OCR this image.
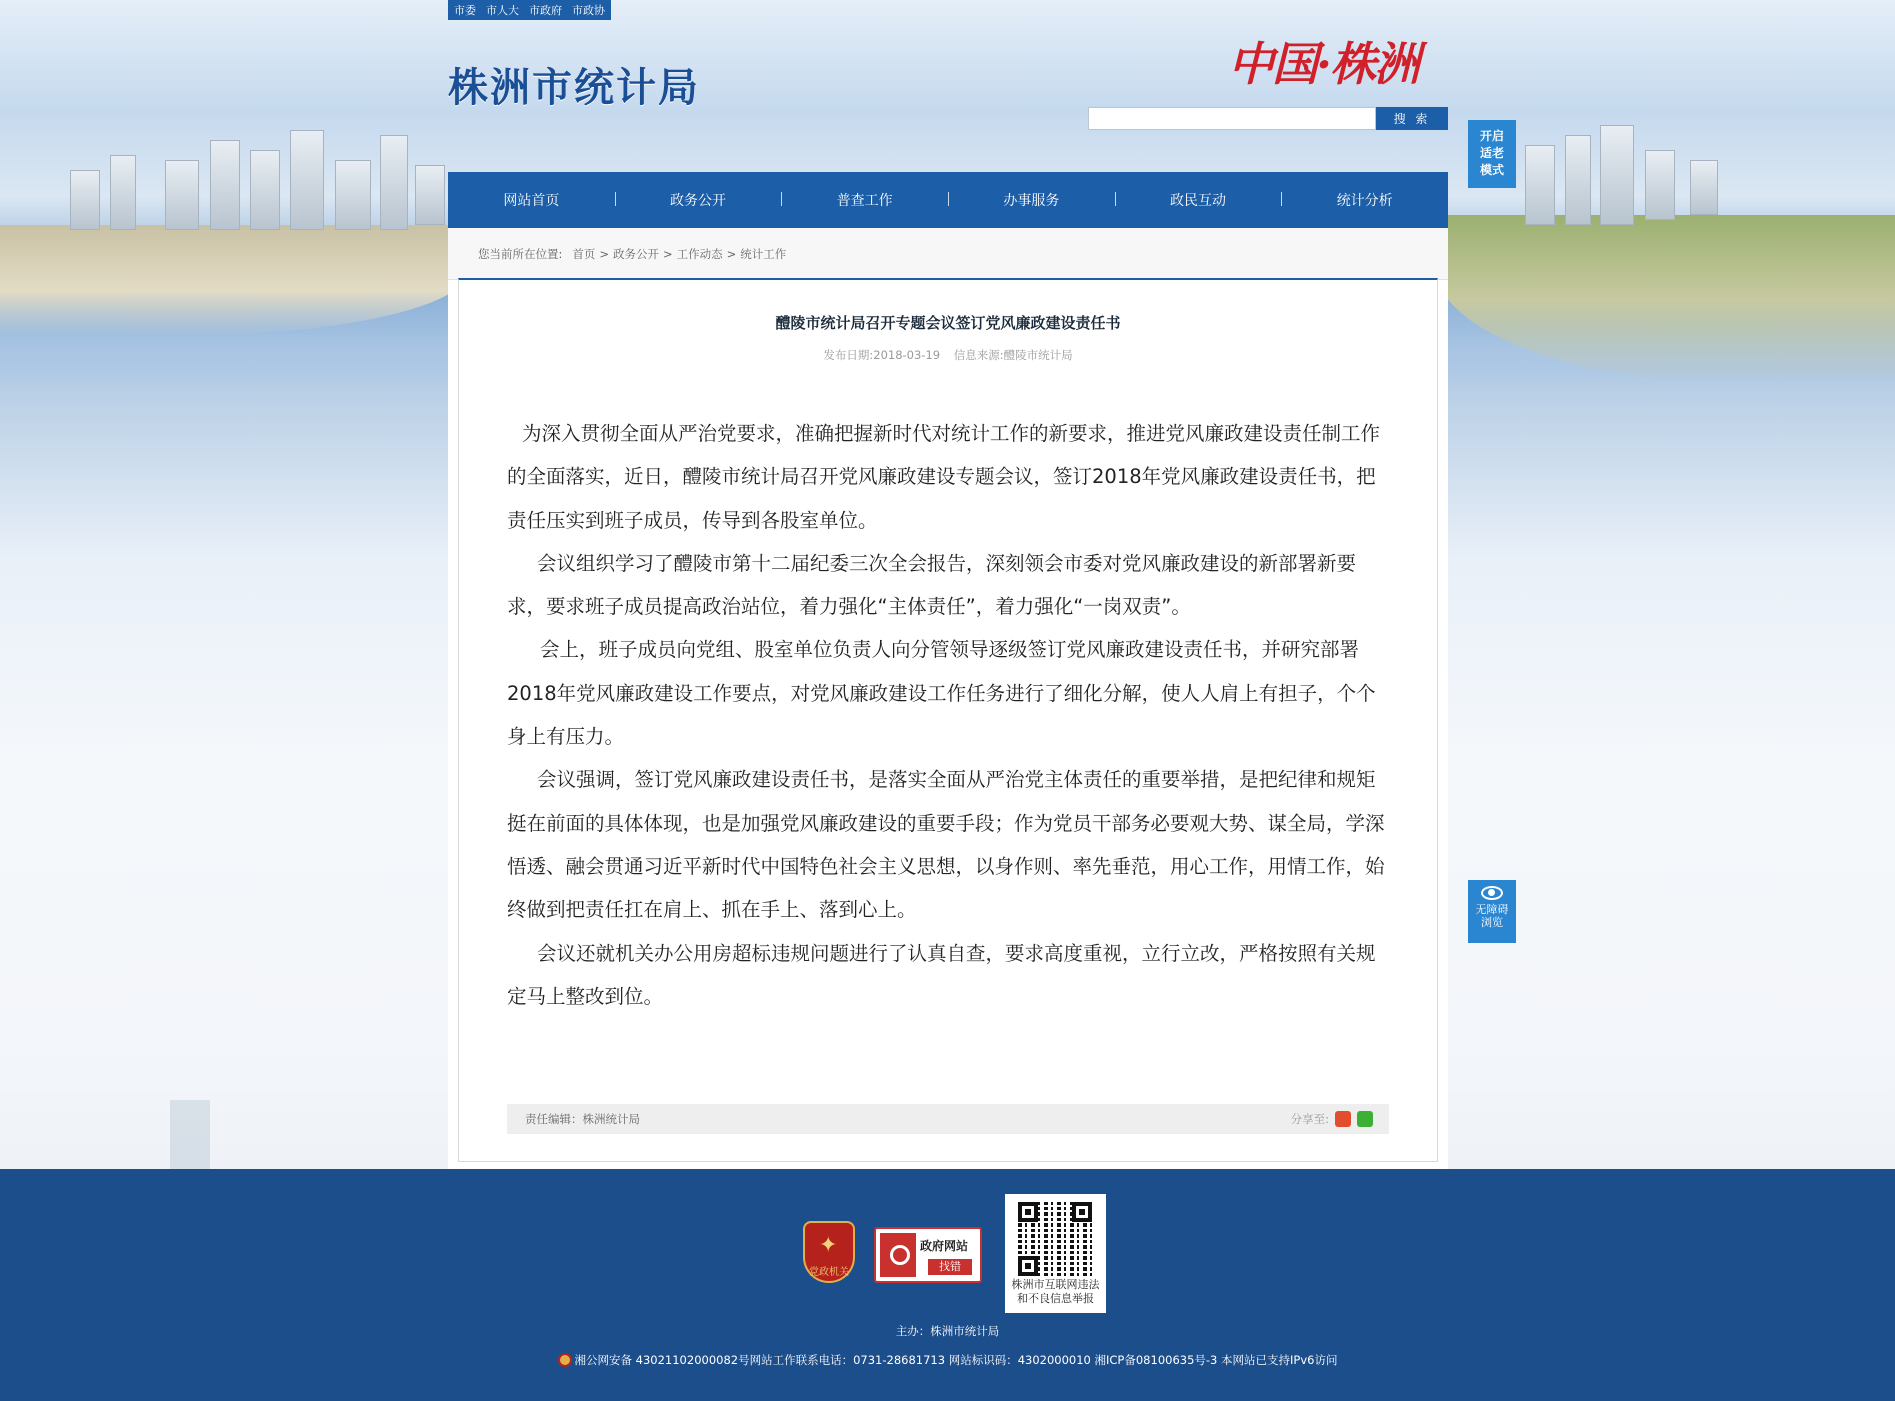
市委 市人大 市政府 市政协
株洲市统计局	中国·株洲
搜 索
开启
适老
模式
无障碍
浏览
网站首页	政务公开	普查工作	办事服务	政民互动	统计分析
您当前所在位置: 首页 > 政务公开 > 工作动态 > 统计工作
醴陵市统计局召开专题会议签订党风廉政建设责任书
发布日期:2018-03-19 信息来源:醴陵市统计局

为深入贯彻全面从严治党要求，准确把握新时代对统计工作的新要求，推进党风廉政建设责任制工作的全面落实，近日，醴陵市统计局召开党风廉政建设专题会议，签订2018年党风廉政建设责任书，把责任压实到班子成员，传导到各股室单位。

会议组织学习了醴陵市第十二届纪委三次全会报告，深刻领会市委对党风廉政建设的新部署新要求，要求班子成员提高政治站位，着力强化“主体责任”，着力强化“一岗双责”。

会上，班子成员向党组、股室单位负责人向分管领导逐级签订党风廉政建设责任书，并研究部署2018年党风廉政建设工作要点，对党风廉政建设工作任务进行了细化分解，使人人肩上有担子，个个身上有压力。

会议强调，签订党风廉政建设责任书，是落实全面从严治党主体责任的重要举措，是把纪律和规矩挺在前面的具体体现，也是加强党风廉政建设的重要手段；作为党员干部务必要观大势、谋全局，学深悟透、融会贯通习近平新时代中国特色社会主义思想，以身作则、率先垂范，用心工作，用情工作，始终做到把责任扛在肩上、抓在手上、落到心上。

会议还就机关办公用房超标违规问题进行了认真自查，要求高度重视，立行立改，严格按照有关规定马上整改到位。

责任编辑：株洲统计局	分享至:
✦
党政机关
政府网站
找错
株洲市互联网违法
和不良信息举报
主办：株洲市统计局
湘公网安备 43021102000082号网站工作联系电话：0731-28681713 网站标识码：4302000010 湘ICP备08100635号-3 本网站已支持IPv6访问
